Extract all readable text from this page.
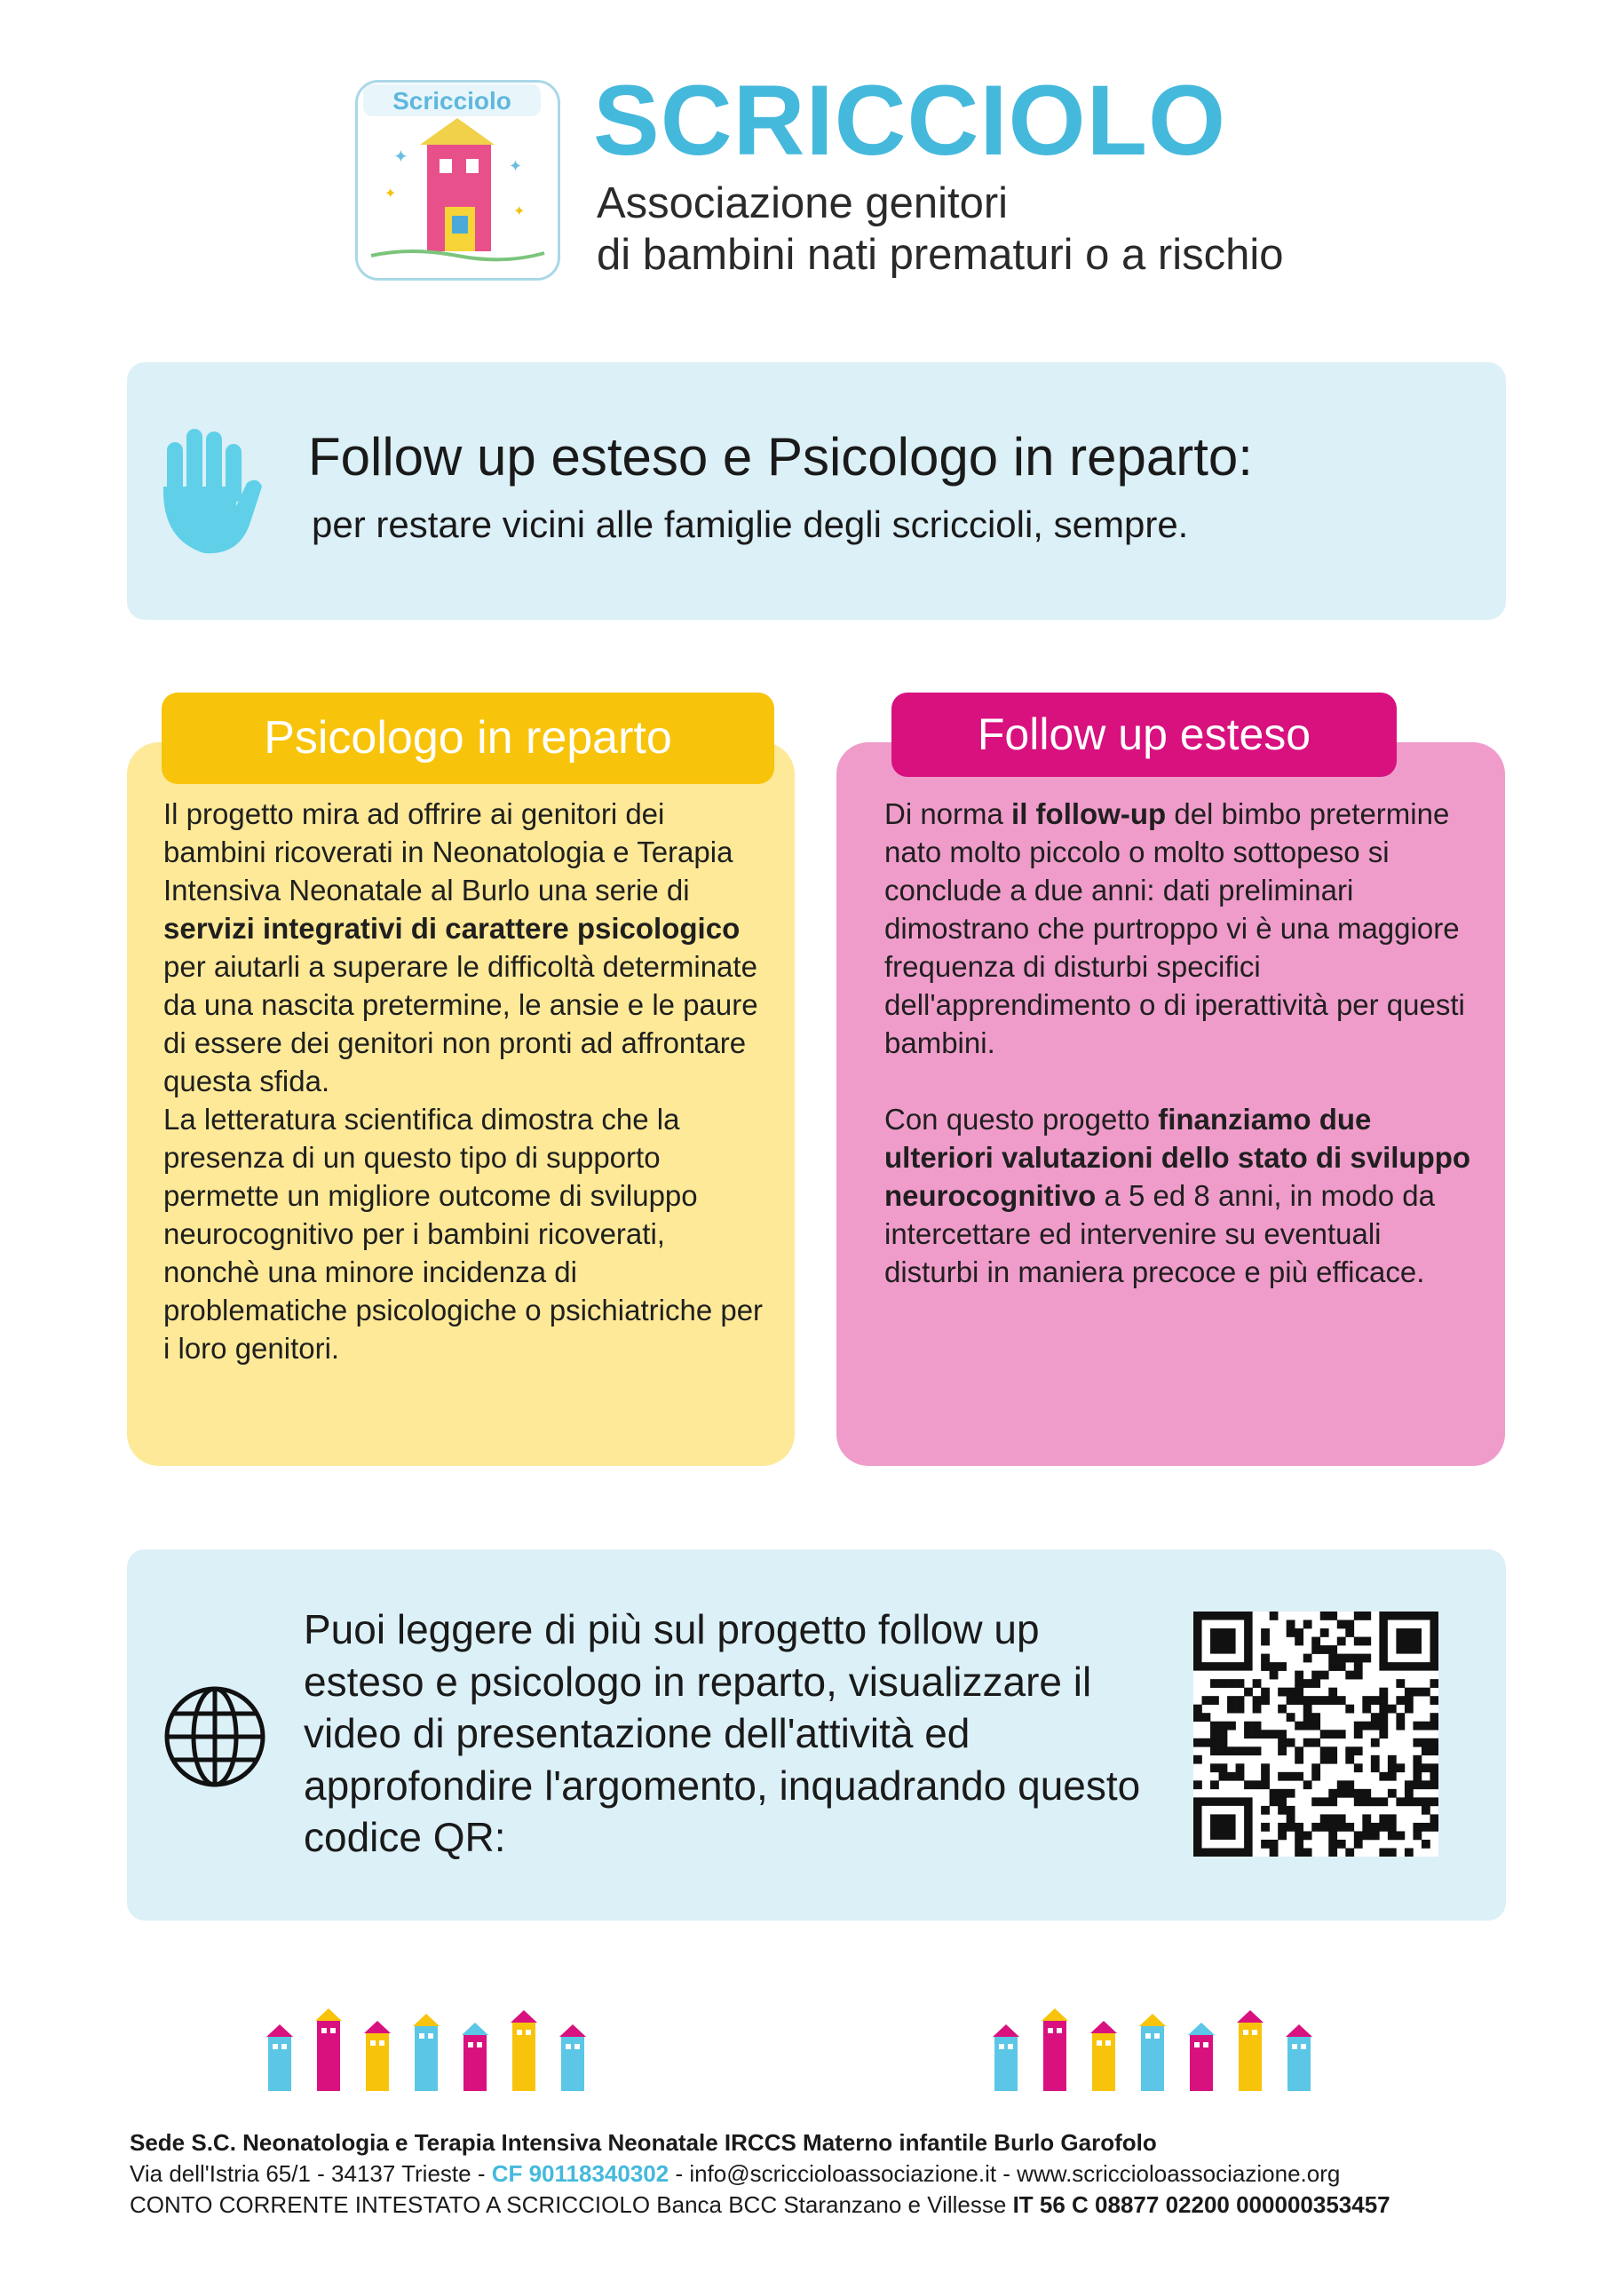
Scricciolo
✦	✦
✦
✦
SCRICCIOLO
Associazione genitori
di bambini nati prematuri o a rischio
Follow up esteso e Psicologo in reparto:
per restare vicini alle famiglie degli scriccioli, sempre.
Psicologo in reparto

Il progetto mira ad offrire ai genitori dei bambini ricoverati in Neonatologia e Terapia Intensiva Neonatale al Burlo una serie di servizi integrativi di carattere psicologico per aiutarli a superare le difficoltà determinate da una nascita pretermine, le ansie e le paure di essere dei genitori non pronti ad affrontare questa sfida.

La letteratura scientifica dimostra che la presenza di un questo tipo di supporto permette un migliore outcome di sviluppo neurocognitivo per i bambini ricoverati, nonchè una minore incidenza di problematiche psicologiche o psichiatriche per i loro genitori.

Follow up esteso

Di norma il follow-up del bimbo pretermine nato molto piccolo o molto sottopeso si conclude a due anni: dati preliminari dimostrano che purtroppo vi è una maggiore frequenza di disturbi specifici dell'apprendimento o di iperattività per questi bambini.

Con questo progetto finanziamo due ulteriori valutazioni dello stato di sviluppo neurocognitivo a 5 ed 8 anni, in modo da intercettare ed intervenire su eventuali disturbi in maniera precoce e più efficace.

Puoi leggere di più sul progetto follow up esteso e psicologo in reparto, visualizzare il video di presentazione dell'attività ed approfondire l'argomento, inquadrando questo codice QR:
Sede S.C. Neonatologia e Terapia Intensiva Neonatale IRCCS Materno infantile Burlo Garofolo
Via dell'Istria 65/1 - 34137 Trieste - CF 90118340302 - info@scriccioloassociazione.it - www.scriccioloassociazione.org
CONTO CORRENTE INTESTATO A SCRICCIOLO Banca BCC Staranzano e Villesse IT 56 C 08877 02200 000000353457
